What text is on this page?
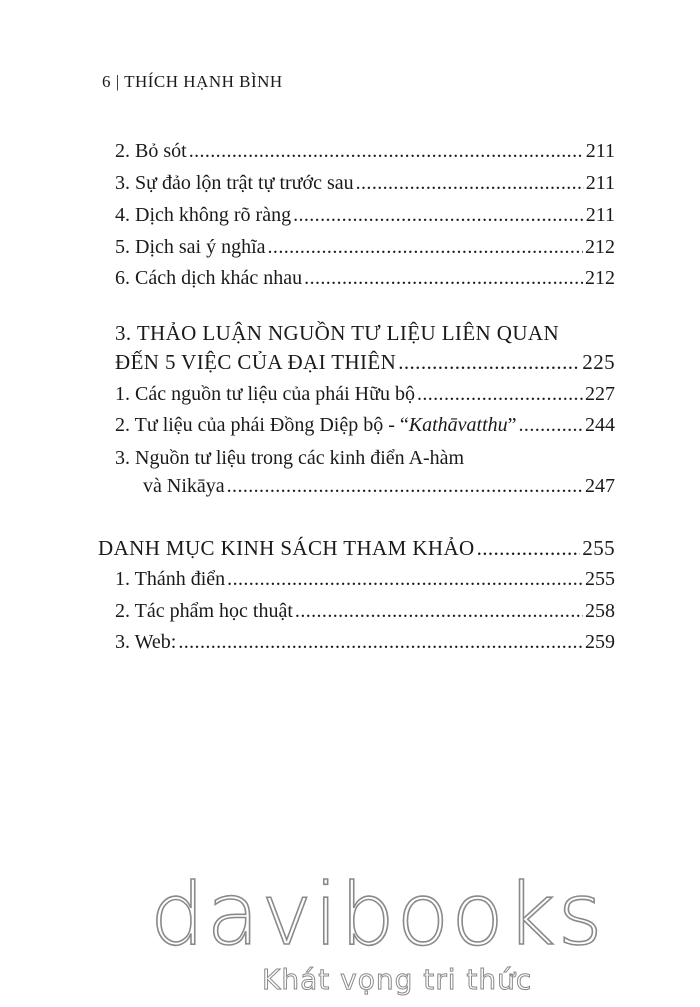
6 | THÍCH HẠNH BÌNH
2. Bỏ sót .....	211
3. Sự đảo lộn trật tự trước sau .....	211
4. Dịch không rõ ràng .....	211
5. Dịch sai ý nghĩa .....	212
6. Cách dịch khác nhau .....	212
3. THẢO LUẬN NGUỒN TƯ LIỆU LIÊN QUAN
ĐẾN 5 VIỆC CỦA ĐẠI THIÊN .....	225
1. Các nguồn tư liệu của phái Hữu bộ .....	227
2. Tư liệu của phái Đồng Diệp bộ - “Kathāvatthu” .....	244
3. Nguồn tư liệu trong các kinh điển A-hàm
và Nikāya .....	247
DANH MỤC KINH SÁCH THAM KHẢO .....	255
1. Thánh điển .....	255
2. Tác phẩm học thuật .....	258
3. Web: .....	259
davibooks
Khát vọng tri thức
